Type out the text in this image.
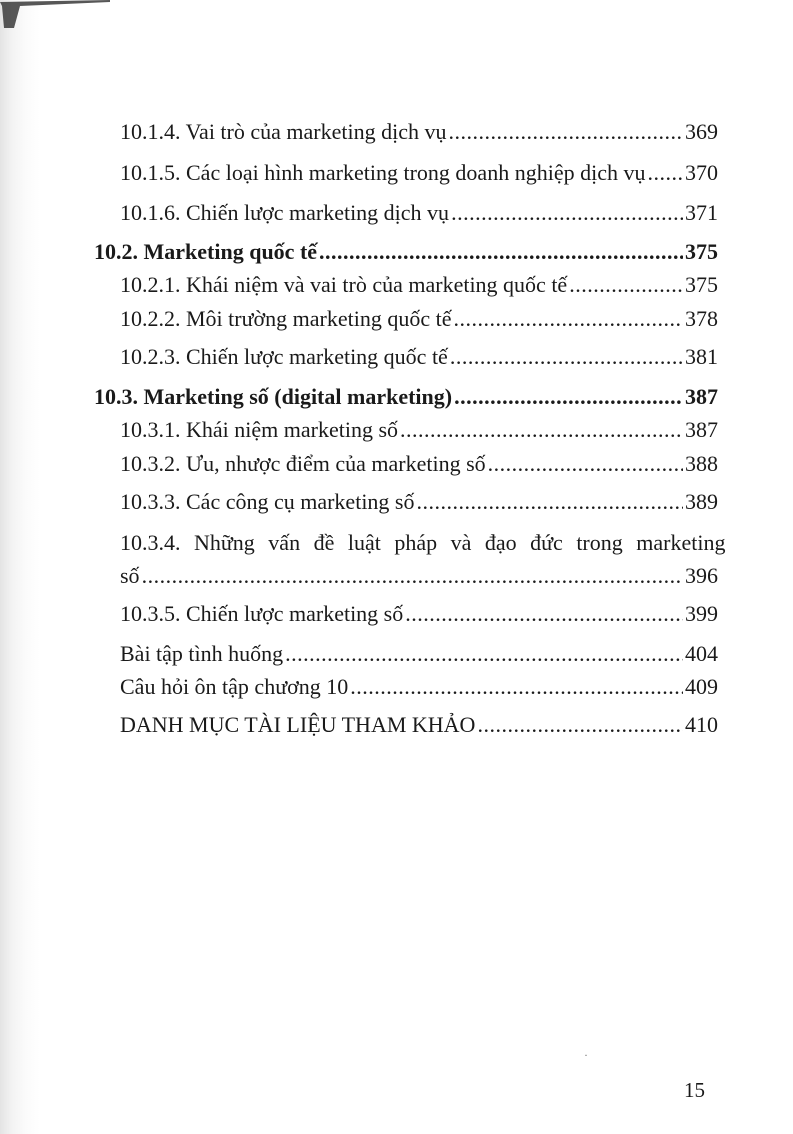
10.1.4. Vai trò của marketing dịch vụ .....	369
10.1.5. Các loại hình marketing trong doanh nghiệp dịch vụ ..... 370
10.1.6. Chiến lược marketing dịch vụ .....	371
10.2. Marketing quốc tế .....	375
10.2.1. Khái niệm và vai trò của marketing quốc tế .....	375
10.2.2. Môi trường marketing quốc tế .....	378
10.2.3. Chiến lược marketing quốc tế .....	381
10.3. Marketing số (digital marketing) .....	387
10.3.1. Khái niệm marketing số .....	387
10.3.2. Ưu, nhược điểm của marketing số .....	388
10.3.3. Các công cụ marketing số .....	389
10.3.4. Những vấn đề luật pháp và đạo đức trong marketing
số .....	396
10.3.5. Chiến lược marketing số .....	399
Bài tập tình huống .....	404
Câu hỏi ôn tập chương 10 .....	409
DANH MỤC TÀI LIỆU THAM KHẢO .....	410
·
15
